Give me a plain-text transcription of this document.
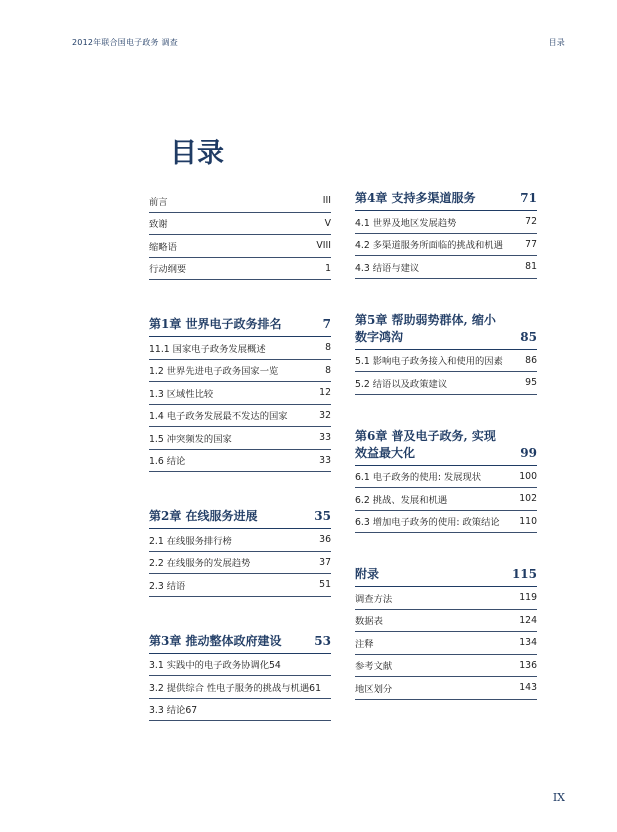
2012年联合国电子政务 调查	目录
目录
前言	III
致谢	V
缩略语	VIII
行动纲要	1
第1章 世界电子政务排名	7
11.1 国家电子政务发展概述	8
1.2 世界先进电子政务国家一览	8
1.3 区域性比较	12
1.4 电子政务发展最不发达的国家	32
1.5 冲突频发的国家	33
1.6 结论	33
第2章 在线服务进展	35
2.1 在线服务排行榜	36
2.2 在线服务的发展趋势	37
2.3 结语	51
第3章 推动整体政府建设	53
3.1 实践中的电子政务协调化54
3.2 提供综合 性电子服务的挑战与机遇61
3.3 结论67
第4章 支持多渠道服务	71
4.1 世界及地区发展趋势	72
4.2 多渠道服务所面临的挑战和机遇 77
4.3 结语与建议	81
第5章 帮助弱势群体, 缩小
数字鸿沟	85
5.1 影响电子政务接入和使用的因素 86
5.2 结语以及政策建议	95
第6章 普及电子政务, 实现
效益最大化	99
6.1 电子政务的使用: 发展现状	100
6.2 挑战、发展和机遇	102
6.3 增加电子政务的使用: 政策结论 110
附录	115
调查方法	119
数据表	124
注释	134
参考文献	136
地区划分	143
IX
